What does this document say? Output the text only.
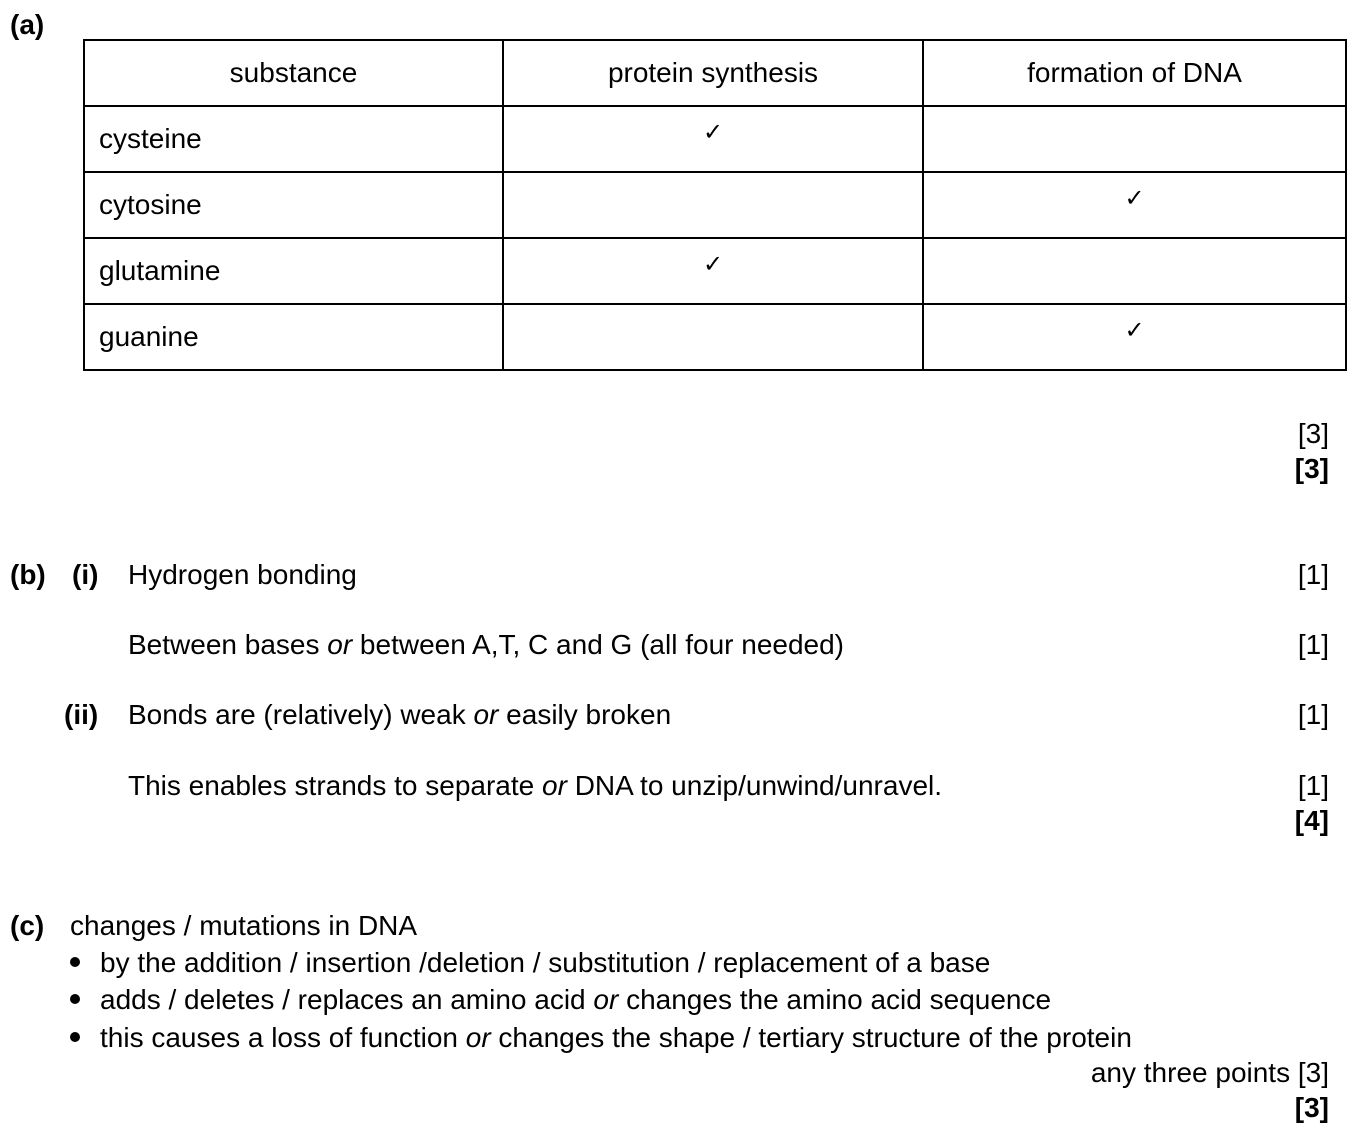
(a)
substance	protein synthesis	formation of DNA
cysteine	✓	
cytosine		✓
glutamine	✓	
guanine		✓
[3]
[3]
(b) (i)
(ii)
Hydrogen bonding	[1]
Between bases or between A,T, C and G (all four needed)	[1]
Bonds are (relatively) weak or easily broken	[1]
This enables strands to separate or DNA to unzip/unwind/unravel.	[1]
[4]
(c) changes / mutations in DNA
by the addition / insertion /deletion / substitution / replacement of a base
adds / deletes / replaces an amino acid or changes the amino acid sequence
this causes a loss of function or changes the shape / tertiary structure of the protein
any three points [3]
[3]
